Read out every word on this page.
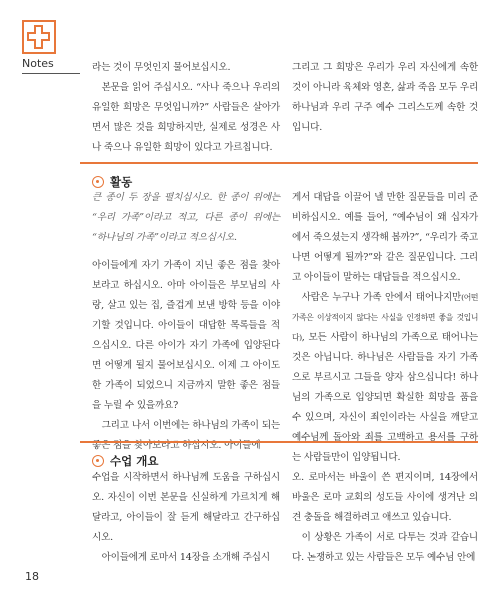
Notes	라는 것이 무엇인지 물어보십시오.

본문을 읽어 주십시오. “사나 죽으나 우리의 유일한 희망은 무엇입니까?” 사람들은 살아가면서 많은 것을 희망하지만, 실제로 성경은 사나 죽으나 유일한 희망이 있다고 가르칩니다.

그리고 그 희망은 우리가 우리 자신에게 속한 것이 아니라 육체와 영혼, 삶과 죽음 모두 우리 하나님과 우리 구주 예수 그리스도께 속한 것입니다.

활동

큰 종이 두 장을 펼치십시오. 한 종이 위에는 “우리 가족”이라고 적고, 다른 종이 위에는 “하나님의 가족”이라고 적으십시오.

아이들에게 자기 가족이 지닌 좋은 점을 찾아보라고 하십시오. 아마 아이들은 부모님의 사랑, 살고 있는 집, 즐겁게 보낸 방학 등을 이야기할 것입니다. 아이들이 대답한 목록들을 적으십시오. 다른 아이가 자기 가족에 입양된다면 어떻게 될지 물어보십시오. 이제 그 아이도 한 가족이 되었으니 지금까지 말한 좋은 점들을 누릴 수 있을까요?

그리고 나서 이번에는 하나님의 가족이 되는 좋은 점을 찾아보라고 하십시오. 아이들에

게서 대답을 이끌어 낼 만한 질문들을 미리 준비하십시오. 예를 들어, “예수님이 왜 십자가에서 죽으셨는지 생각해 봅까?”, “우리가 죽고 나면 어떻게 될까?”와 같은 질문입니다. 그리고 아이들이 말하는 대답들을 적으십시오.

사람은 누구나 가족 안에서 태어나지만(어떤 가족은 이상적이지 않다는 사실을 인정하면 좋을 것입니다), 모든 사람이 하나님의 가족으로 태어나는 것은 아닙니다. 하나님은 사람들을 자기 가족으로 부르시고 그들을 양자 삼으십니다! 하나님의 가족으로 입양되면 확실한 희망을 품을 수 있으며, 자신이 죄인이라는 사실을 깨닫고 예수님께 돌아와 죄를 고백하고 용서를 구하는 사람들만이 입양됩니다.

수업 개요

수업을 시작하면서 하나님께 도움을 구하십시오. 자신이 이번 본문을 신실하게 가르치게 해 달라고, 아이들이 잘 듣게 해달라고 간구하십시오.

아이들에게 로마서 14장을 소개해 주십시

오. 로마서는 바울이 쓴 편지이며, 14장에서 바울은 로마 교회의 성도들 사이에 생겨난 의견 충돌을 해결하려고 애쓰고 있습니다.

이 상황은 가족이 서로 다투는 것과 같습니다. 논쟁하고 있는 사람들은 모두 예수님 안에

18
